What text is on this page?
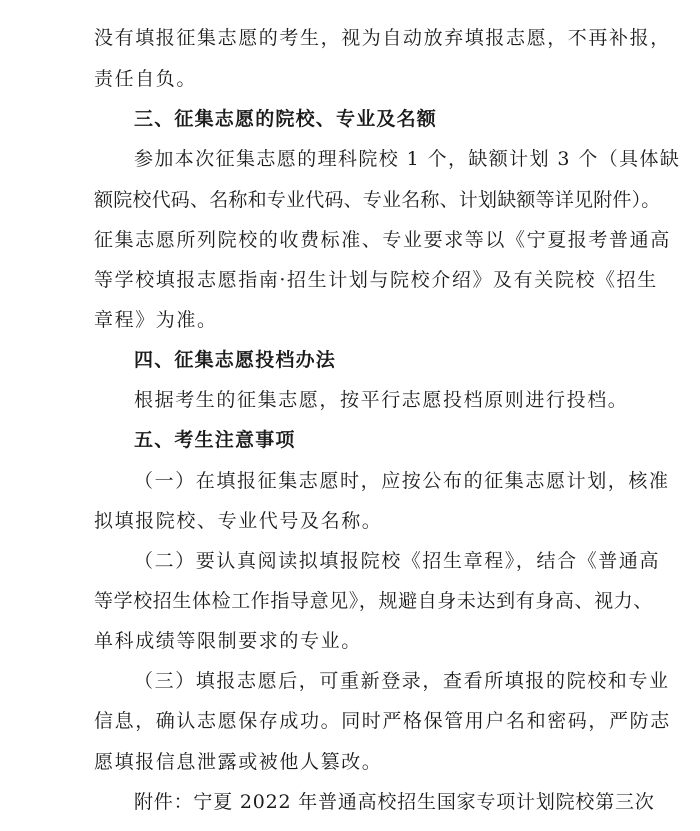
没有填报征集志愿的考生，视为自动放弃填报志愿，不再补报，
责任自负。
三、征集志愿的院校、专业及名额
参加本次征集志愿的理科院校 1 个，缺额计划 3 个（具体缺
额院校代码、名称和专业代码、专业名称、计划缺额等详见附件）。
征集志愿所列院校的收费标准、专业要求等以《宁夏报考普通高
等学校填报志愿指南·招生计划与院校介绍》及有关院校《招生
章程》为准。
四、征集志愿投档办法
根据考生的征集志愿，按平行志愿投档原则进行投档。
五、考生注意事项
（一）在填报征集志愿时，应按公布的征集志愿计划，核准
拟填报院校、专业代号及名称。
（二）要认真阅读拟填报院校《招生章程》，结合《普通高
等学校招生体检工作指导意见》，规避自身未达到有身高、视力、
单科成绩等限制要求的专业。
（三）填报志愿后，可重新登录，查看所填报的院校和专业
信息，确认志愿保存成功。同时严格保管用户名和密码，严防志
愿填报信息泄露或被他人篡改。
附件：宁夏 2022 年普通高校招生国家专项计划院校第三次
